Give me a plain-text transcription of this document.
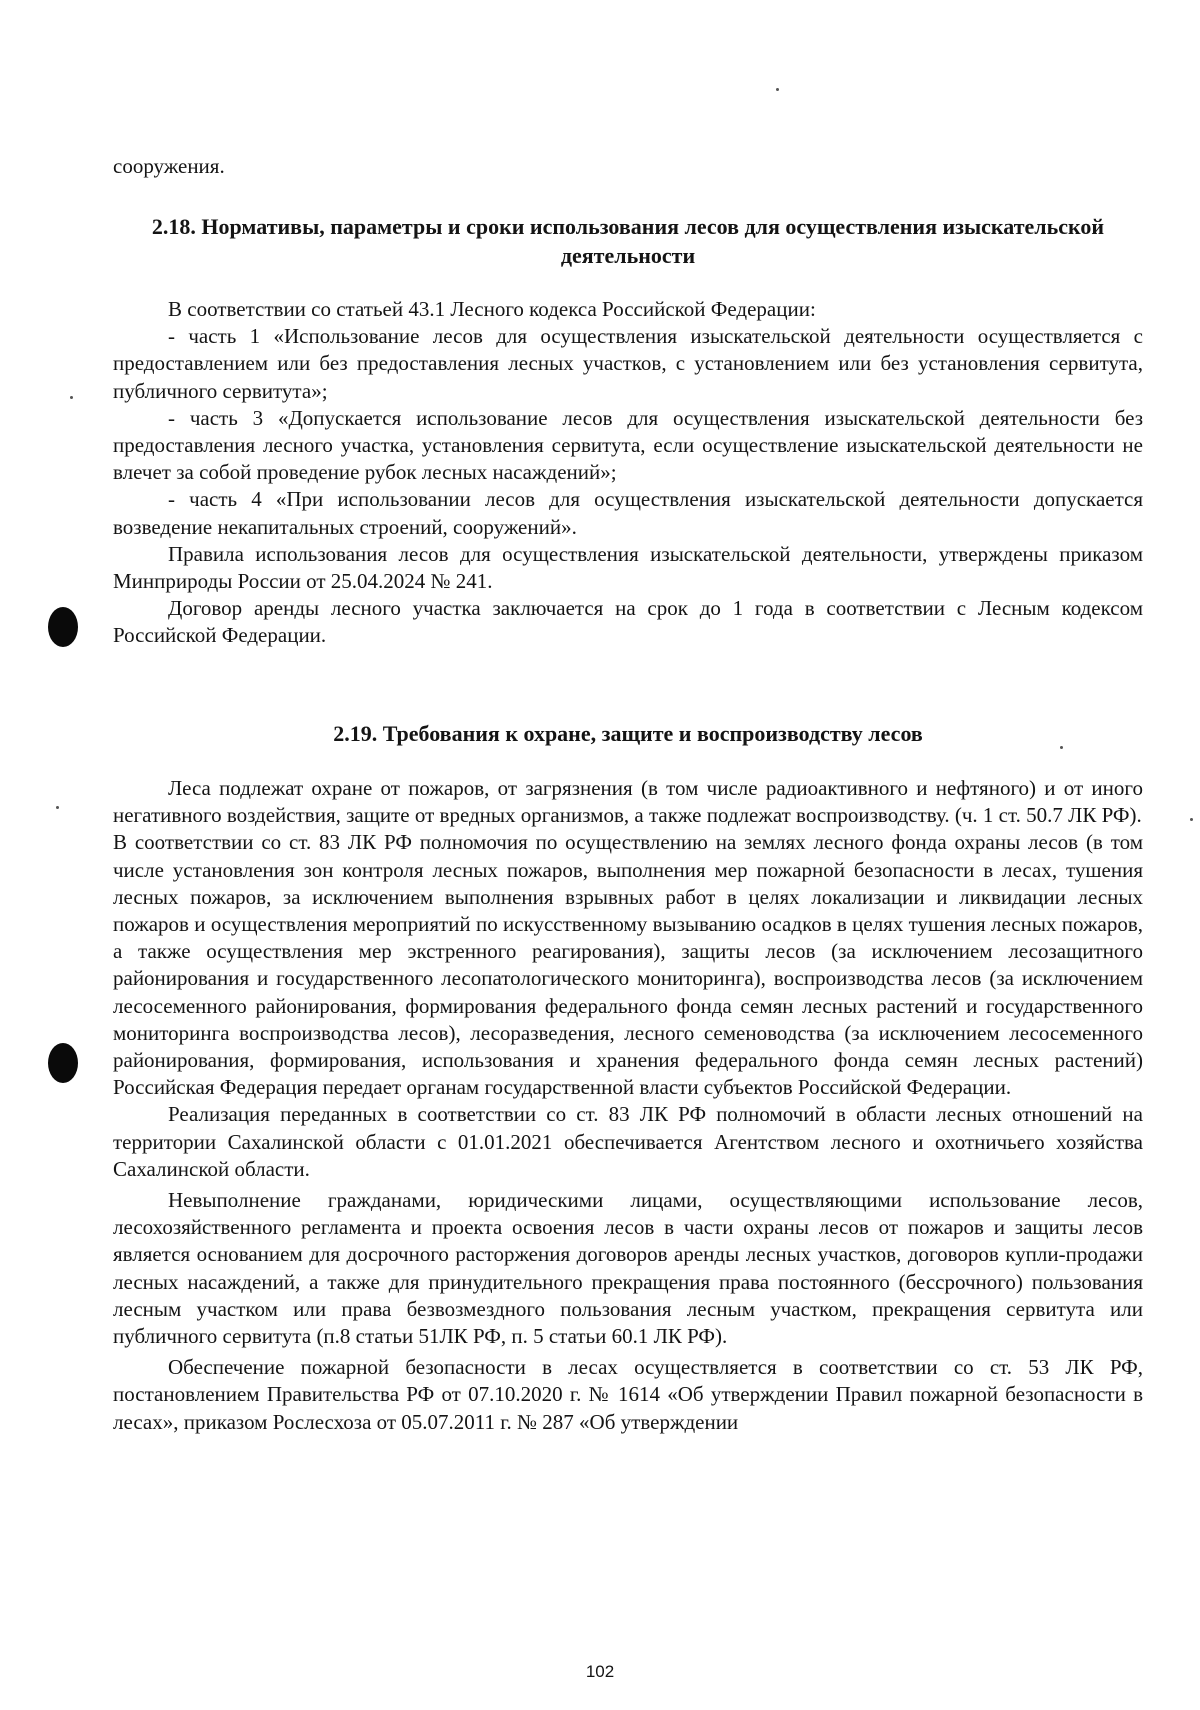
сооружения.

2.18. Нормативы, параметры и сроки использования лесов для осуществления изыскательской деятельности

В соответствии со статьей 43.1 Лесного кодекса Российской Федерации:

- часть 1 «Использование лесов для осуществления изыскательской деятельности осуществляется с предоставлением или без предоставления лесных участков, с установлением или без установления сервитута, публичного сервитута»;

- часть 3 «Допускается использование лесов для осуществления изыскательской деятельности без предоставления лесного участка, установления сервитута, если осуществление изыскательской деятельности не влечет за собой проведение рубок лесных насаждений»;

- часть 4 «При использовании лесов для осуществления изыскательской деятельности допускается возведение некапитальных строений, сооружений».

Правила использования лесов для осуществления изыскательской деятельности, утверждены приказом Минприроды России от 25.04.2024 № 241.

Договор аренды лесного участка заключается на срок до 1 года в соответствии с Лесным кодексом Российской Федерации.

2.19. Требования к охране, защите и воспроизводству лесов

Леса подлежат охране от пожаров, от загрязнения (в том числе радиоактивного и нефтяного) и от иного негативного воздействия, защите от вредных организмов, а также подлежат воспроизводству. (ч. 1 ст. 50.7 ЛК РФ).

В соответствии со ст. 83 ЛК РФ полномочия по осуществлению на землях лесного фонда охраны лесов (в том числе установления зон контроля лесных пожаров, выполнения мер пожарной безопасности в лесах, тушения лесных пожаров, за исключением выполнения взрывных работ в целях локализации и ликвидации лесных пожаров и осуществления мероприятий по искусственному вызыванию осадков в целях тушения лесных пожаров, а также осуществления мер экстренного реагирования), защиты лесов (за исключением лесозащитного районирования и государственного лесопатологического мониторинга), воспроизводства лесов (за исключением лесосеменного районирования, формирования федерального фонда семян лесных растений и государственного мониторинга воспроизводства лесов), лесоразведения, лесного семеноводства (за исключением лесосеменного районирования, формирования, использования и хранения федерального фонда семян лесных растений) Российская Федерация передает органам государственной власти субъектов Российской Федерации.

Реализация переданных в соответствии со ст. 83 ЛК РФ полномочий в области лесных отношений на территории Сахалинской области с 01.01.2021 обеспечивается Агентством лесного и охотничьего хозяйства Сахалинской области.

Невыполнение гражданами, юридическими лицами, осуществляющими использование лесов, лесохозяйственного регламента и проекта освоения лесов в части охраны лесов от пожаров и защиты лесов является основанием для досрочного расторжения договоров аренды лесных участков, договоров купли-продажи лесных насаждений, а также для принудительного прекращения права постоянного (бессрочного) пользования лесным участком или права безвозмездного пользования лесным участком, прекращения сервитута или публичного сервитута (п.8 статьи 51ЛК РФ, п. 5 статьи 60.1 ЛК РФ).

Обеспечение пожарной безопасности в лесах осуществляется в соответствии со ст. 53 ЛК РФ, постановлением Правительства РФ от 07.10.2020 г. № 1614 «Об утверждении Правил пожарной безопасности в лесах», приказом Рослесхоза от 05.07.2011 г. № 287 «Об утверждении

102
